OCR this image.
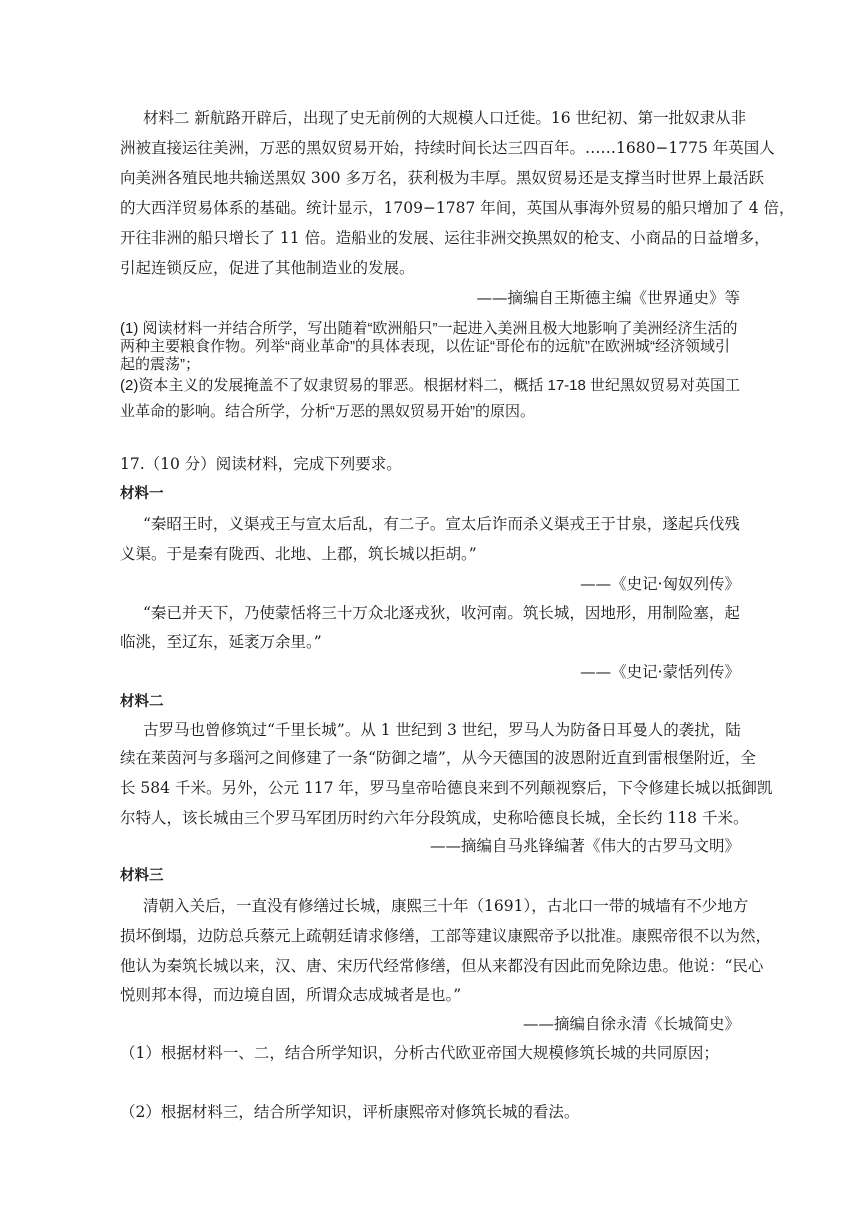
材料二 新航路开辟后，出现了史无前例的大规模人口迁徙。16 世纪初、第一批奴隶从非
洲被直接运往美洲，万恶的黑奴贸易开始，持续时间长达三四百年。……1680−1775 年英国人
向美洲各殖民地共输送黑奴 300 多万名，获利极为丰厚。黑奴贸易还是支撑当时世界上最活跃
的大西洋贸易体系的基础。统计显示，1709−1787 年间，英国从事海外贸易的船只增加了 4 倍，
开往非洲的船只增长了 11 倍。造船业的发展、运往非洲交换黑奴的枪支、小商品的日益增多，
引起连锁反应，促进了其他制造业的发展。
——摘编自王斯德主编《世界通史》等
(1) 阅读材料一并结合所学，写出随着“欧洲船只”一起进入美洲且极大地影响了美洲经济生活的
两种主要粮食作物。列举“商业革命”的具体表现，以佐证“哥伦布的远航”在欧洲城“经济领域引
起的震荡”；
(2)资本主义的发展掩盖不了奴隶贸易的罪恶。根据材料二，概括 17-18 世纪黑奴贸易对英国工
业革命的影响。结合所学，分析“万恶的黑奴贸易开始”的原因。
17.（10 分）阅读材料，完成下列要求。
材料一
“秦昭王时，义渠戎王与宣太后乱，有二子。宣太后诈而杀义渠戎王于甘泉，遂起兵伐残
义渠。于是秦有陇西、北地、上郡，筑长城以拒胡。”
——《史记·匈奴列传》
“秦已并天下，乃使蒙恬将三十万众北逐戎狄，收河南。筑长城，因地形，用制险塞，起
临洮，至辽东，延袤万余里。”
——《史记·蒙恬列传》
材料二
古罗马也曾修筑过“千里长城”。从 1 世纪到 3 世纪，罗马人为防备日耳曼人的袭扰，陆
续在莱茵河与多瑙河之间修建了一条“防御之墙”，从今天德国的波恩附近直到雷根堡附近，全
长 584 千米。另外，公元 117 年，罗马皇帝哈德良来到不列颠视察后，下令修建长城以抵御凯
尔特人，该长城由三个罗马军团历时约六年分段筑成，史称哈德良长城，全长约 118 千米。
——摘编自马兆锋编著《伟大的古罗马文明》
材料三
清朝入关后，一直没有修缮过长城，康熙三十年（1691），古北口一带的城墙有不少地方
损坏倒塌，边防总兵蔡元上疏朝廷请求修缮，工部等建议康熙帝予以批准。康熙帝很不以为然，
他认为秦筑长城以来，汉、唐、宋历代经常修缮，但从来都没有因此而免除边患。他说：“民心
悦则邦本得，而边境自固，所谓众志成城者是也。”
——摘编自徐永清《长城简史》
（1）根据材料一、二，结合所学知识，分析古代欧亚帝国大规模修筑长城的共同原因；
（2）根据材料三，结合所学知识，评析康熙帝对修筑长城的看法。
